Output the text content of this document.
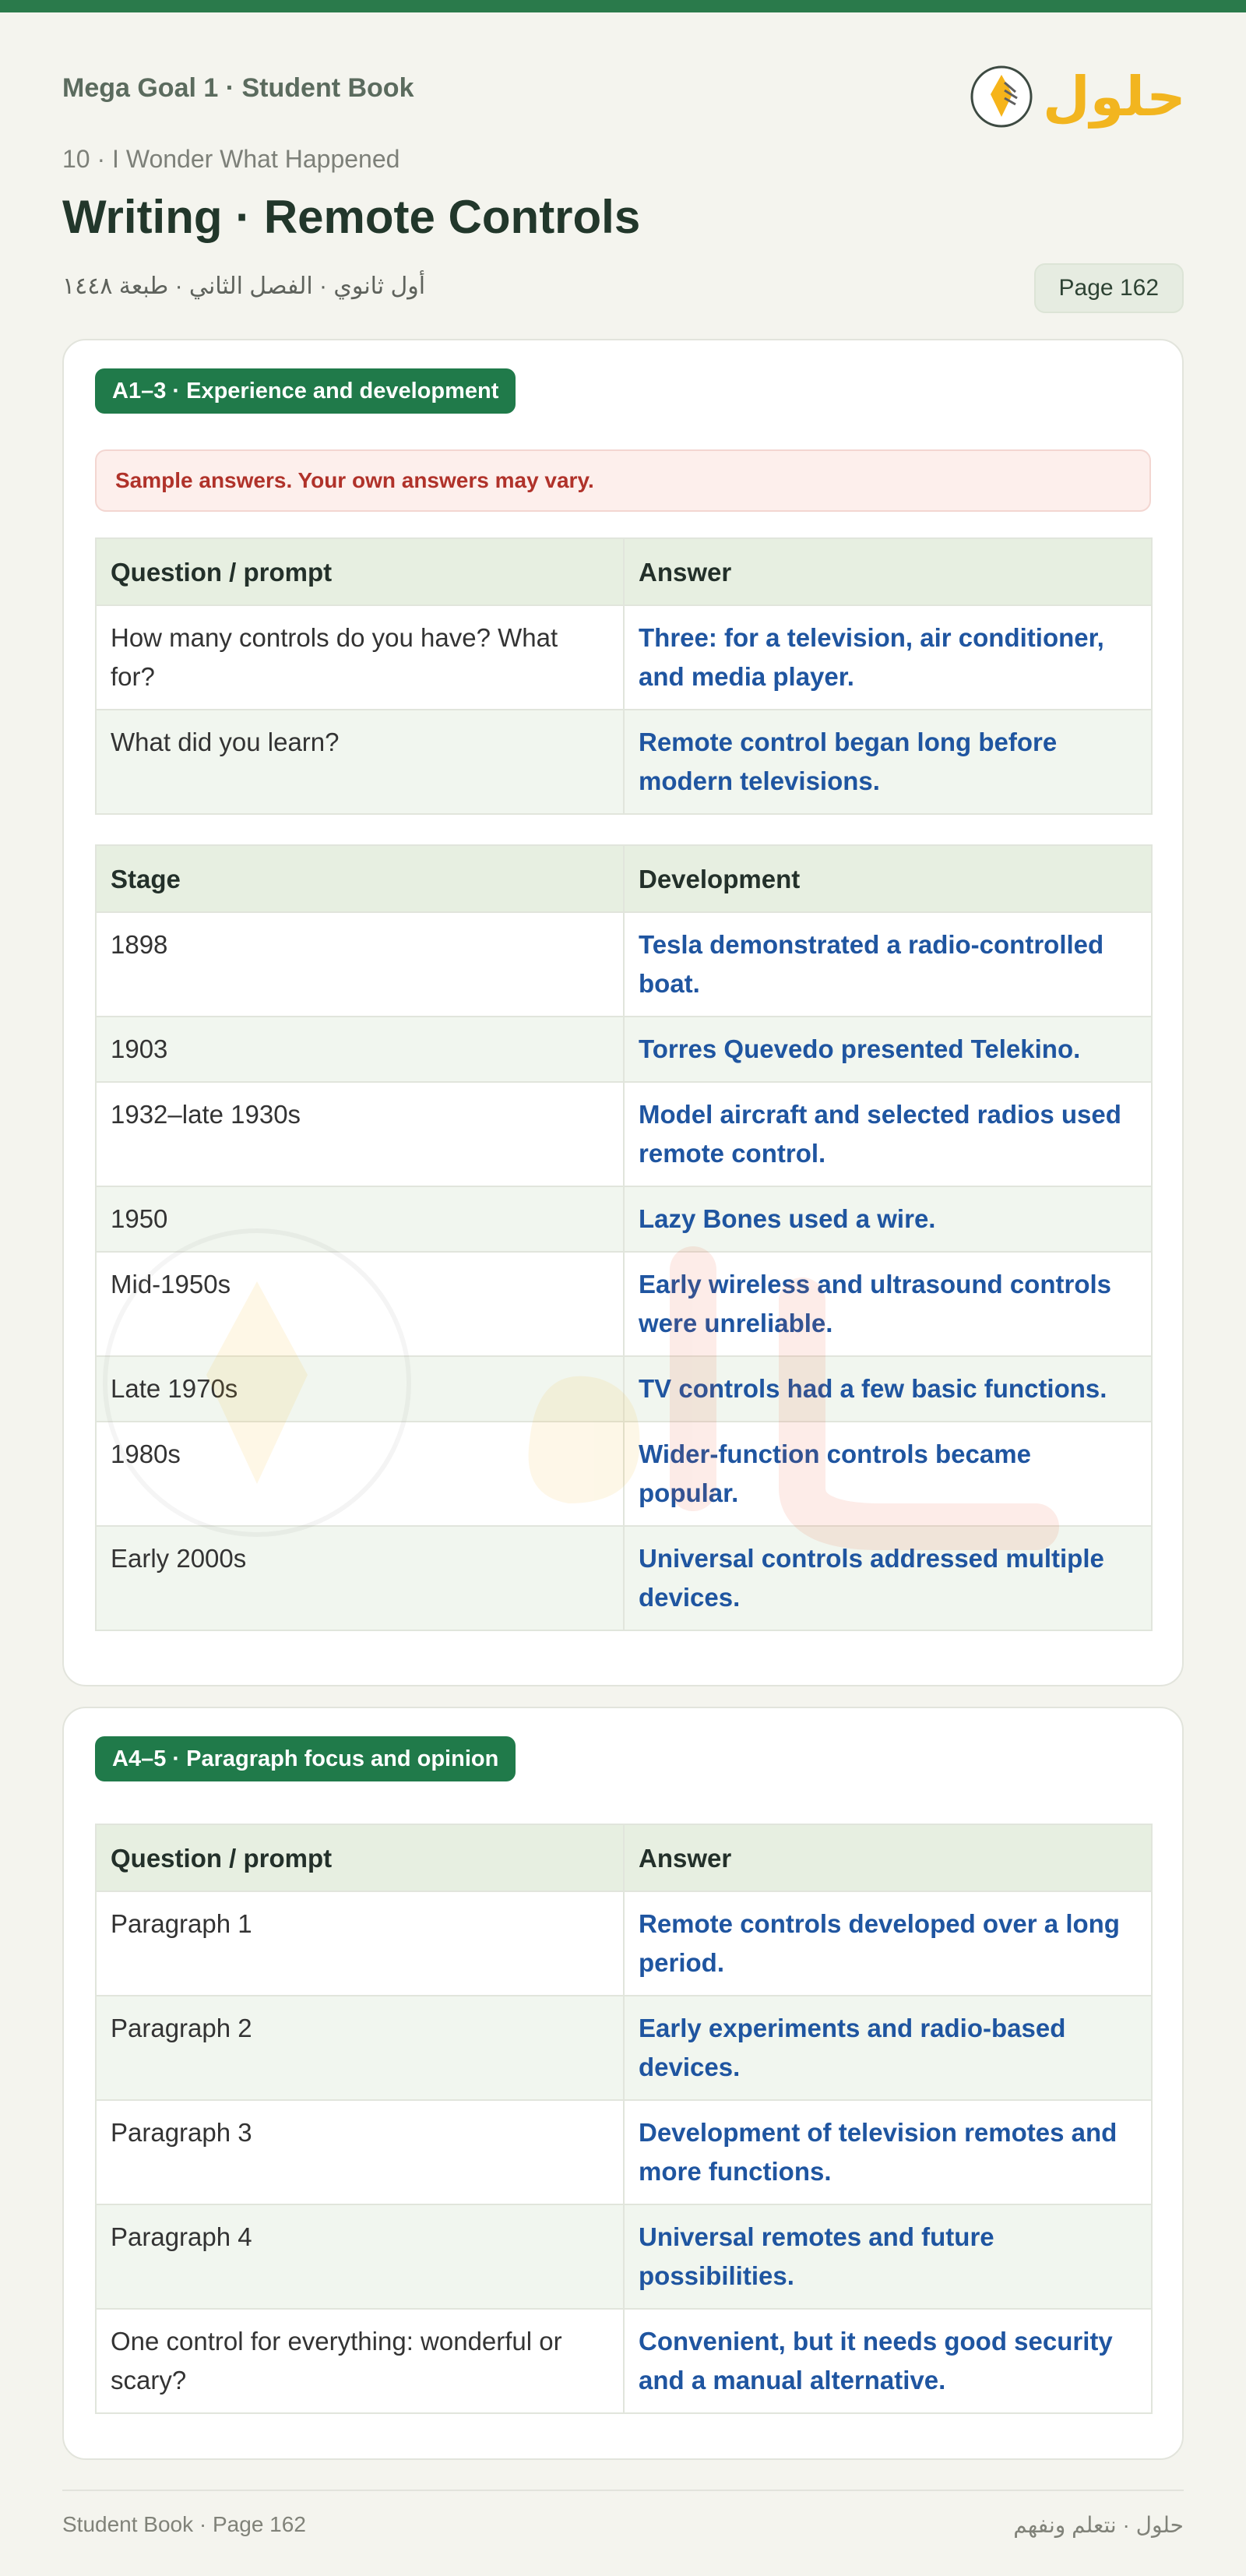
Mega Goal 1 · Student Book	حلول
10 · I Wonder What Happened
Writing · Remote Controls
أول ثانوي · الفصل الثاني · طبعة ١٤٤٨	Page 162
A1–3 · Experience and development
Sample answers. Your own answers may vary.
Question / prompt	Answer
How many controls do you have? What for?	Three: for a television, air conditioner, and media player.
What did you learn?	Remote control began long before modern televisions.
Stage	Development
1898	Tesla demonstrated a radio-controlled boat.
1903	Torres Quevedo presented Telekino.
1932–late 1930s	Model aircraft and selected radios used remote control.
1950	Lazy Bones used a wire.
Mid-1950s	Early wireless and ultrasound controls were unreliable.
Late 1970s	TV controls had a few basic functions.
1980s	Wider-function controls became popular.
Early 2000s	Universal controls addressed multiple devices.
A4–5 · Paragraph focus and opinion
Question / prompt	Answer
Paragraph 1	Remote controls developed over a long period.
Paragraph 2	Early experiments and radio-based devices.
Paragraph 3	Development of television remotes and more functions.
Paragraph 4	Universal remotes and future possibilities.
One control for everything: wonderful or scary?	Convenient, but it needs good security and a manual alternative.
Student Book · Page 162	حلول · نتعلم ونفهم
